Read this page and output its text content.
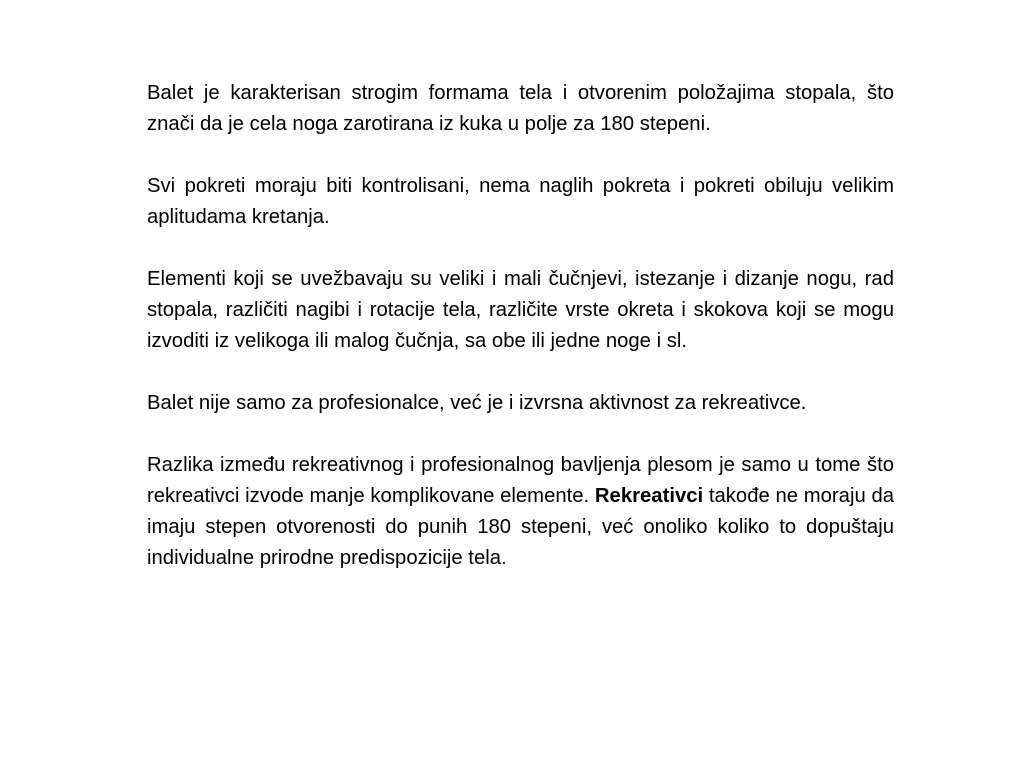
Balet je karakterisan strogim formama tela i otvorenim položajima stopala, što znači da je cela noga zarotirana iz kuka u polje za 180 stepeni.

Svi pokreti moraju biti kontrolisani, nema naglih pokreta i pokreti obiluju velikim aplitudama kretanja.

Elementi koji se uvežbavaju su veliki i mali čučnjevi, istezanje i dizanje nogu, rad stopala, različiti nagibi i rotacije tela, različite vrste okreta i skokova koji se mogu izvoditi iz velikoga ili malog čučnja, sa obe ili jedne noge i sl.

Balet nije samo za profesionalce, već je i izvrsna aktivnost za rekreativce.

Razlika između rekreativnog i profesionalnog bavljenja plesom je samo u tome što rekreativci izvode manje komplikovane elemente. Rekreativci takođe ne moraju da imaju stepen otvorenosti do punih 180 stepeni, već onoliko koliko to dopuštaju individualne prirodne predispozicije tela.
